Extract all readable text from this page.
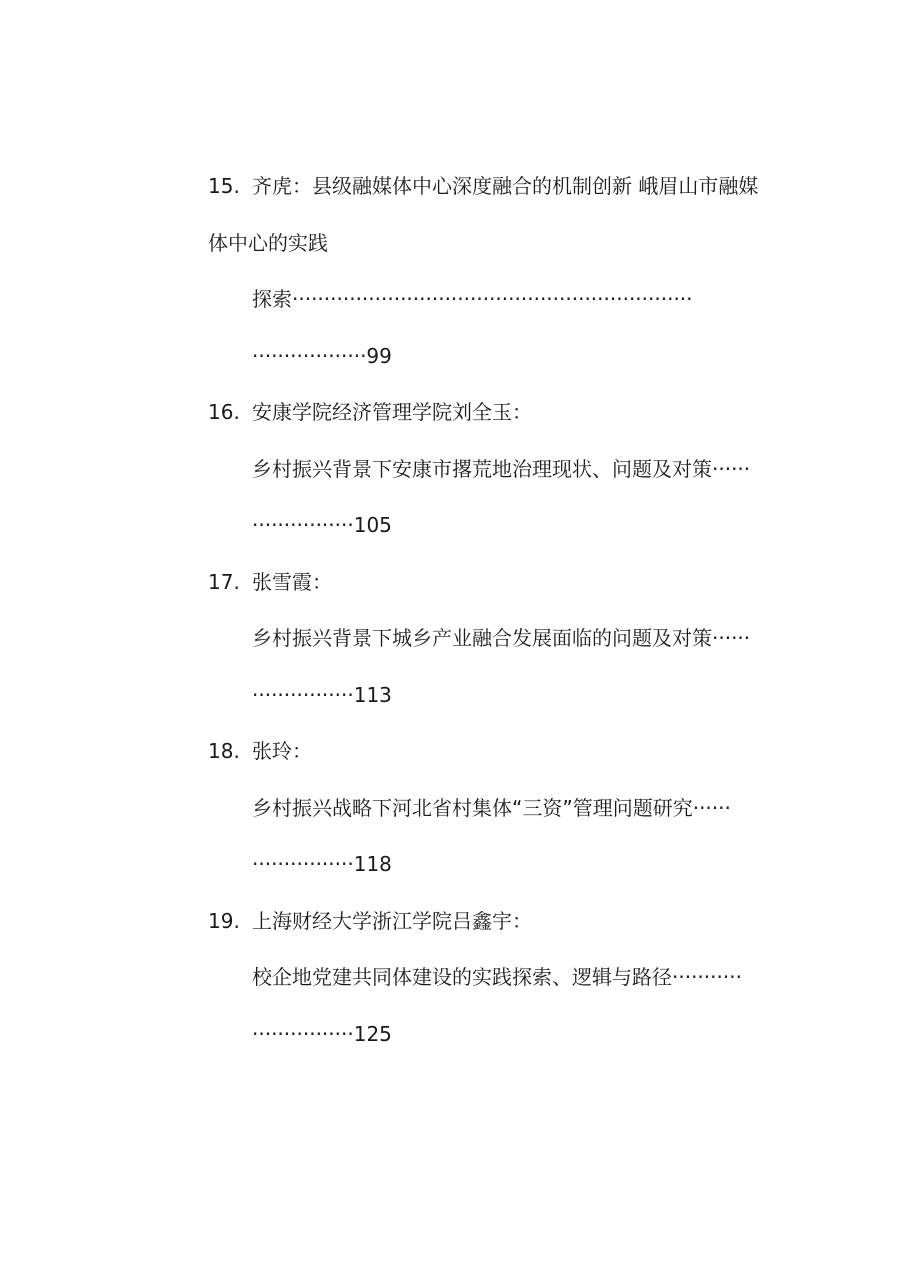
15. 齐虎：县级融媒体中心深度融合的机制创新 峨眉山市融媒
体中心的实践
探索·······························································
··················99
16. 安康学院经济管理学院刘全玉：
乡村振兴背景下安康市撂荒地治理现状、问题及对策······
················105
17. 张雪霞：
乡村振兴背景下城乡产业融合发展面临的问题及对策······
················113
18. 张玲：
乡村振兴战略下河北省村集体“三资”管理问题研究······
················118
19. 上海财经大学浙江学院吕鑫宇：
校企地党建共同体建设的实践探索、逻辑与路径···········
················125
